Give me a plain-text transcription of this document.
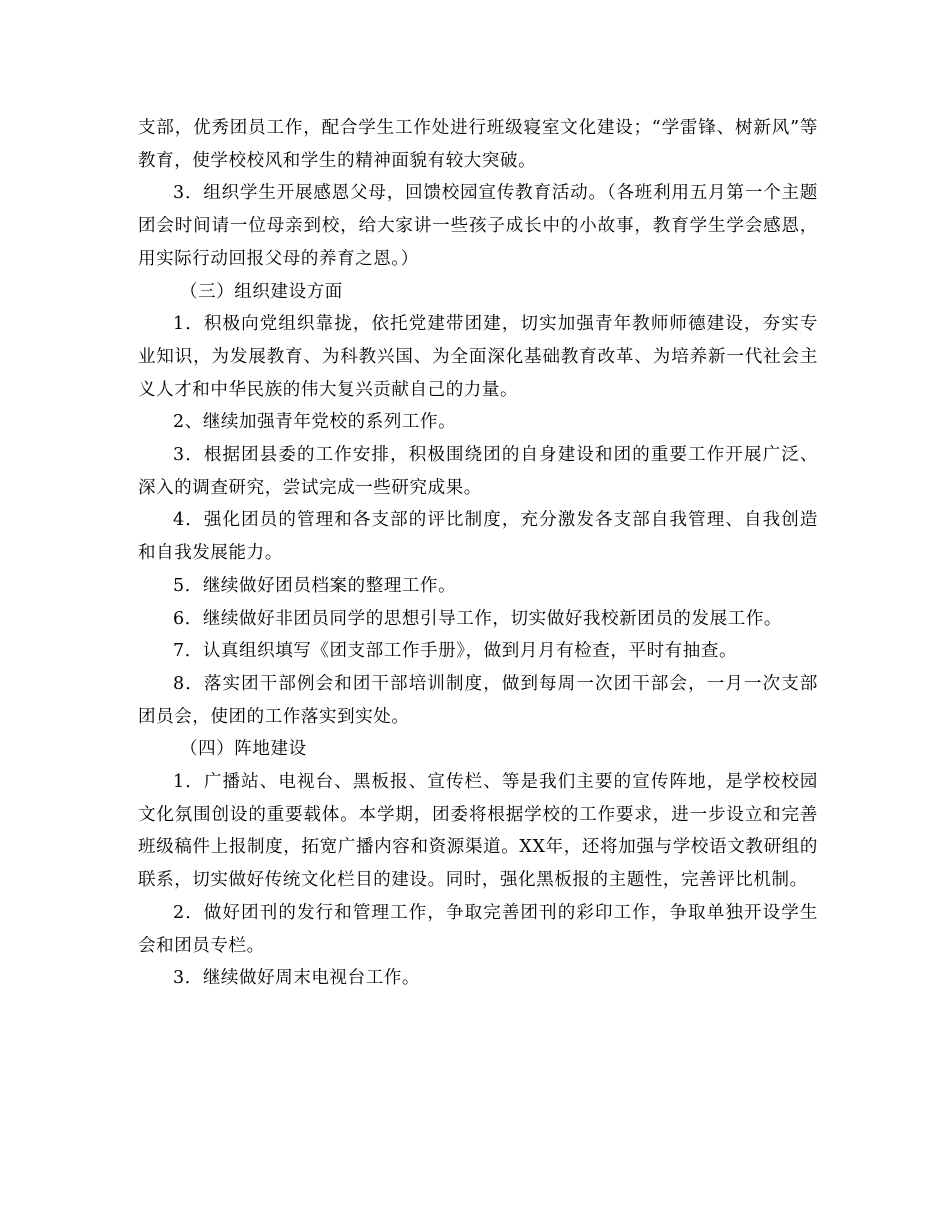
支部，优秀团员工作，配合学生工作处进行班级寝室文化建设；“学雷锋、树新风”等教育，使学校校风和学生的精神面貌有较大突破。

3．组织学生开展感恩父母，回馈校园宣传教育活动。（各班利用五月第一个主题团会时间请一位母亲到校，给大家讲一些孩子成长中的小故事，教育学生学会感恩，用实际行动回报父母的养育之恩。）

（三）组织建设方面

1．积极向党组织靠拢，依托党建带团建，切实加强青年教师师德建设，夯实专业知识，为发展教育、为科教兴国、为全面深化基础教育改革、为培养新一代社会主义人才和中华民族的伟大复兴贡献自己的力量。

2、继续加强青年党校的系列工作。

3．根据团县委的工作安排，积极围绕团的自身建设和团的重要工作开展广泛、深入的调查研究，尝试完成一些研究成果。

4．强化团员的管理和各支部的评比制度，充分激发各支部自我管理、自我创造和自我发展能力。

5．继续做好团员档案的整理工作。

6．继续做好非团员同学的思想引导工作，切实做好我校新团员的发展工作。

7．认真组织填写《团支部工作手册》，做到月月有检查，平时有抽查。

8．落实团干部例会和团干部培训制度，做到每周一次团干部会，一月一次支部团员会，使团的工作落实到实处。

（四）阵地建设

1．广播站、电视台、黑板报、宣传栏、等是我们主要的宣传阵地，是学校校园文化氛围创设的重要载体。本学期，团委将根据学校的工作要求，进一步设立和完善班级稿件上报制度，拓宽广播内容和资源渠道。XX年，还将加强与学校语文教研组的联系，切实做好传统文化栏目的建设。同时，强化黑板报的主题性，完善评比机制。

2．做好团刊的发行和管理工作，争取完善团刊的彩印工作，争取单独开设学生会和团员专栏。

3．继续做好周末电视台工作。
